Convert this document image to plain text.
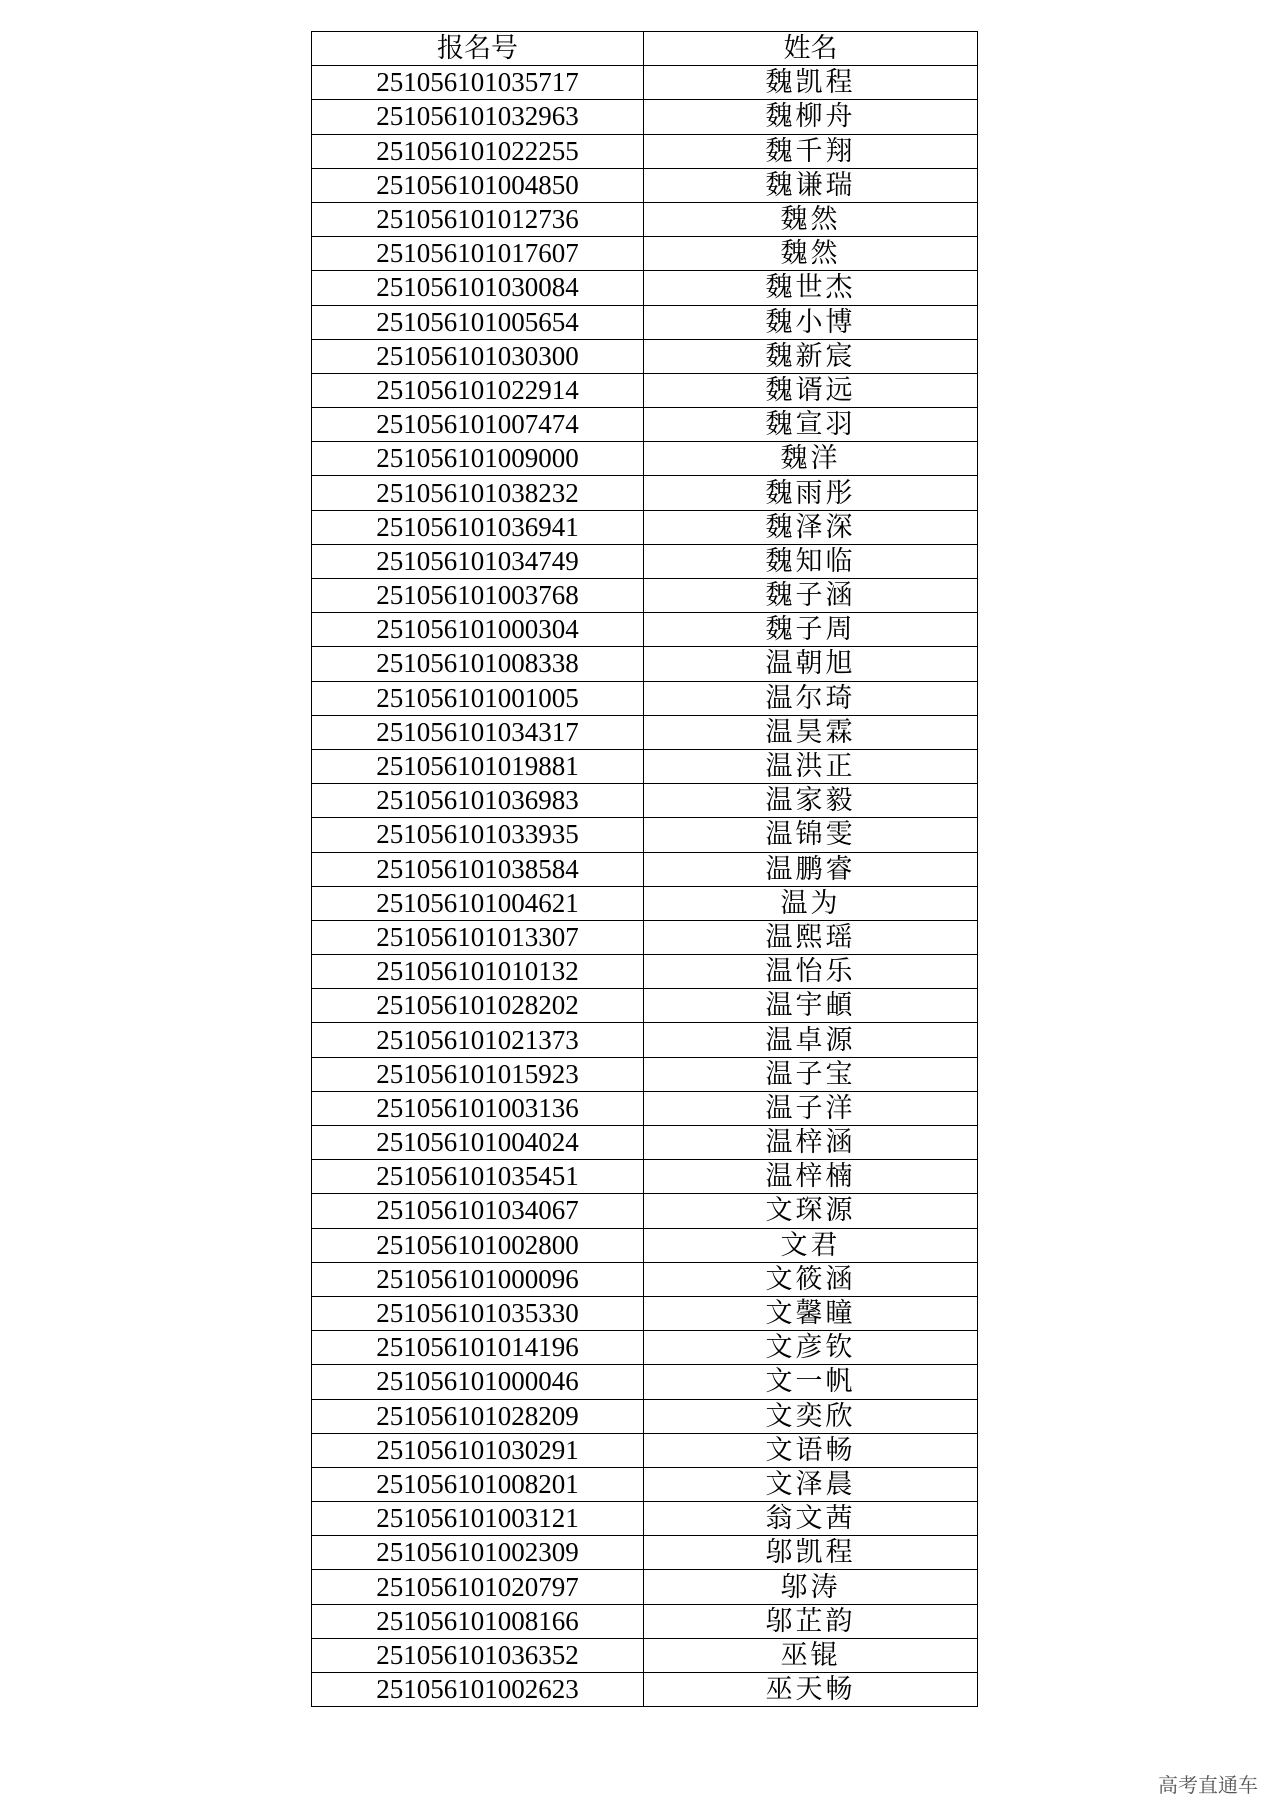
报名号	姓名
251056101035717	魏凯程
251056101032963	魏柳舟
251056101022255	魏千翔
251056101004850	魏谦瑞
251056101012736	魏然
251056101017607	魏然
251056101030084	魏世杰
251056101005654	魏小博
251056101030300	魏新宸
251056101022914	魏谞远
251056101007474	魏宣羽
251056101009000	魏洋
251056101038232	魏雨彤
251056101036941	魏泽深
251056101034749	魏知临
251056101003768	魏子涵
251056101000304	魏子周
251056101008338	温朝旭
251056101001005	温尔琦
251056101034317	温昊霖
251056101019881	温洪正
251056101036983	温家毅
251056101033935	温锦雯
251056101038584	温鹏睿
251056101004621	温为
251056101013307	温熙瑶
251056101010132	温怡乐
251056101028202	温宇頔
251056101021373	温卓源
251056101015923	温子宝
251056101003136	温子洋
251056101004024	温梓涵
251056101035451	温梓楠
251056101034067	文琛源
251056101002800	文君
251056101000096	文筱涵
251056101035330	文馨瞳
251056101014196	文彦钦
251056101000046	文一帆
251056101028209	文奕欣
251056101030291	文语畅
251056101008201	文泽晨
251056101003121	翁文茜
251056101002309	邬凯程
251056101020797	邬涛
251056101008166	邬芷韵
251056101036352	巫锟
251056101002623	巫天畅
高考直通车
